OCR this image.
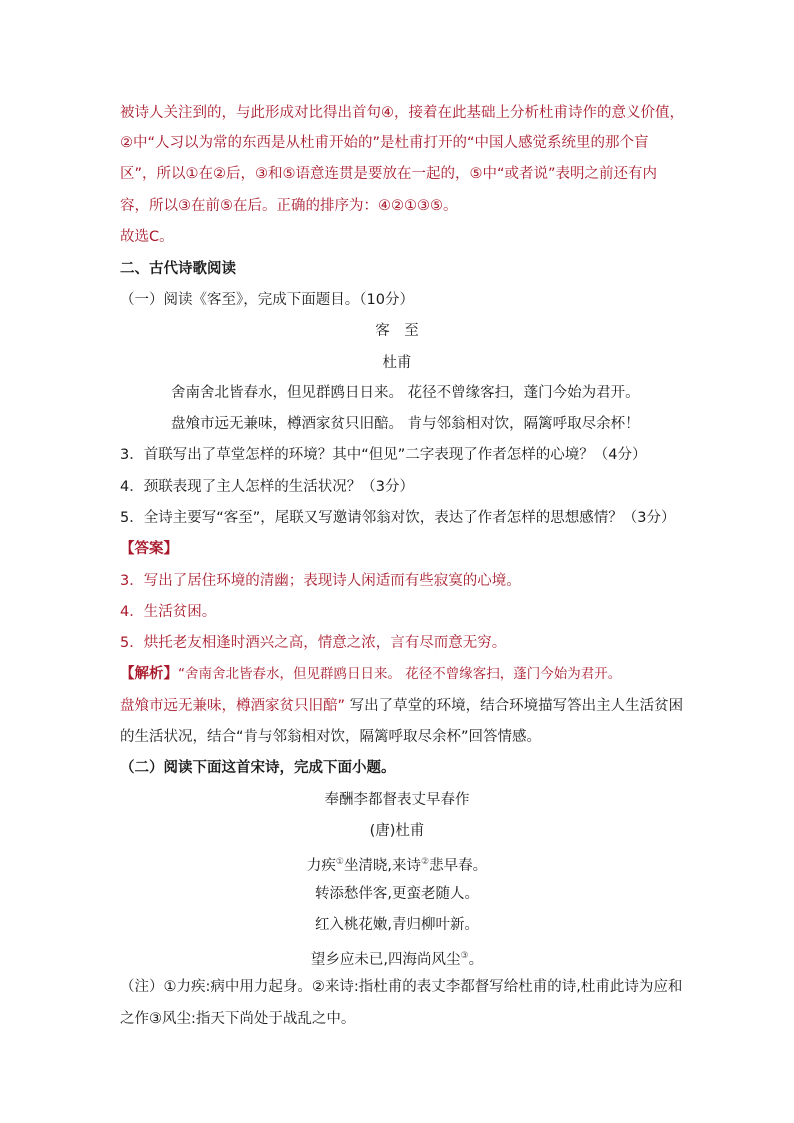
被诗人关注到的，与此形成对比得出首句④，接着在此基础上分析杜甫诗作的意义价值，
②中“人习以为常的东西是从杜甫开始的”是杜甫打开的“中国人感觉系统里的那个盲
区”，所以①在②后，③和⑤语意连贯是要放在一起的，⑤中“或者说”表明之前还有内
容，所以③在前⑤在后。正确的排序为：④②①③⑤。
故选C。
二、古代诗歌阅读
（一）阅读《客至》，完成下面题目。（10分）
客　至
杜甫
舍南舍北皆春水，但见群鸥日日来。 花径不曾缘客扫，蓬门今始为君开。
盘飧市远无兼味，樽酒家贫只旧醅。 肯与邻翁相对饮，隔篱呼取尽余杯！
3．首联写出了草堂怎样的环境？其中“但见”二字表现了作者怎样的心境？（4分）
4．颈联表现了主人怎样的生活状况？（3分）
5．全诗主要写“客至”，尾联又写邀请邻翁对饮，表达了作者怎样的思想感情？（3分）
【答案】
3．写出了居住环境的清幽；表现诗人闲适而有些寂寞的心境。
4．生活贫困。
5．烘托老友相逢时酒兴之高，情意之浓，言有尽而意无穷。
【解析】“舍南舍北皆春水，但见群鸥日日来。 花径不曾缘客扫，蓬门今始为君开。
盘飧市远无兼味，樽酒家贫只旧醅” 写出了草堂的环境，结合环境描写答出主人生活贫困
的生活状况，结合“肯与邻翁相对饮，隔篱呼取尽余杯”回答情感。
（二）阅读下面这首宋诗，完成下面小题。
奉酬李都督表丈早春作
(唐)杜甫
力疾①坐清晓,来诗②悲早春。
转添愁伴客,更蛮老随人。
红入桃花嫩,青归柳叶新。
望乡应未已,四海尚风尘③。
（注）①力疾:病中用力起身。②来诗:指杜甫的表丈李都督写给杜甫的诗,杜甫此诗为应和
之作③风尘:指天下尚处于战乱之中。
